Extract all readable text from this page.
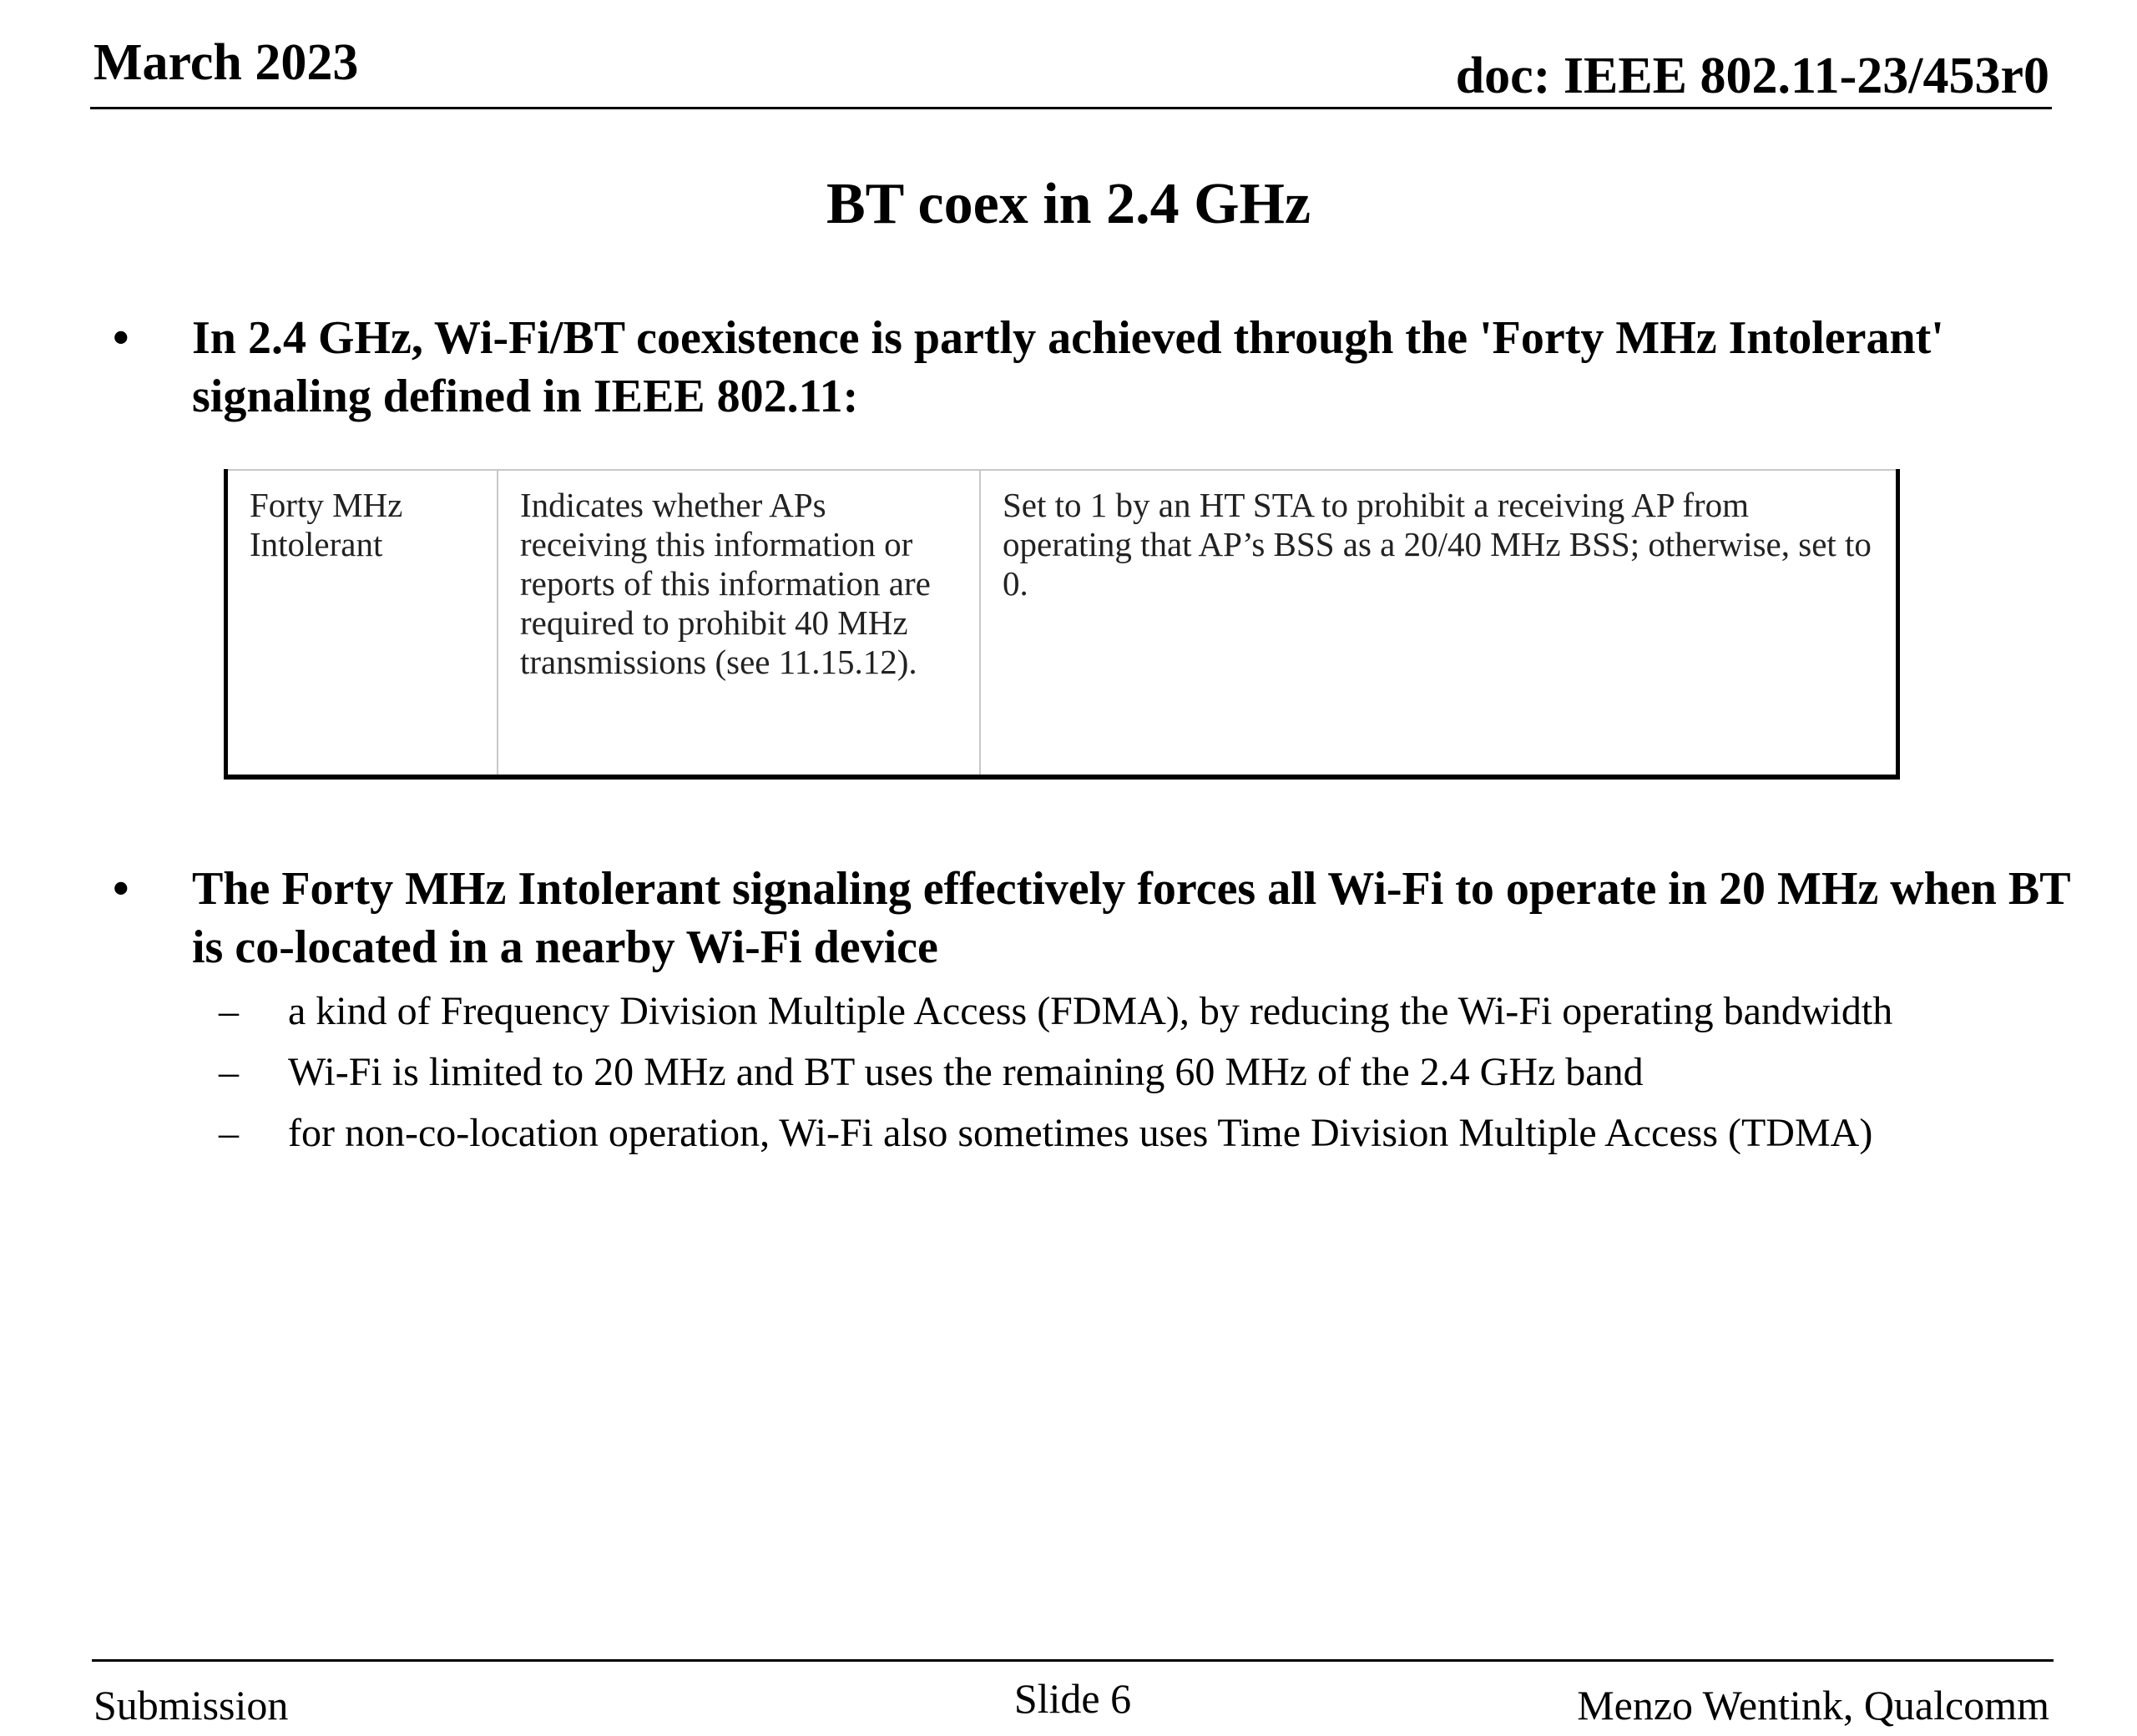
March 2023	doc: IEEE 802.11-23/453r0
BT coex in 2.4 GHz
• In 2.4 GHz, Wi-Fi/BT coexistence is partly achieved through the 'Forty MHz Intolerant' signaling defined in IEEE 802.11:
Forty MHz Intolerant	Indicates whether APs receiving this information or reports of this information are required to prohibit 40 MHz transmissions (see 11.15.12).	Set to 1 by an HT STA to prohibit a receiving AP from operating that AP’s BSS as a 20/40 MHz BSS; otherwise, set to 0.
• The Forty MHz Intolerant signaling effectively forces all Wi-Fi to operate in 20 MHz when BT is co-located in a nearby Wi-Fi device
– a kind of Frequency Division Multiple Access (FDMA), by reducing the Wi-Fi operating bandwidth
– Wi-Fi is limited to 20 MHz and BT uses the remaining 60 MHz of the 2.4 GHz band
– for non-co-location operation, Wi-Fi also sometimes uses Time Division Multiple Access (TDMA)
Submission	Slide 6	Menzo Wentink, Qualcomm
